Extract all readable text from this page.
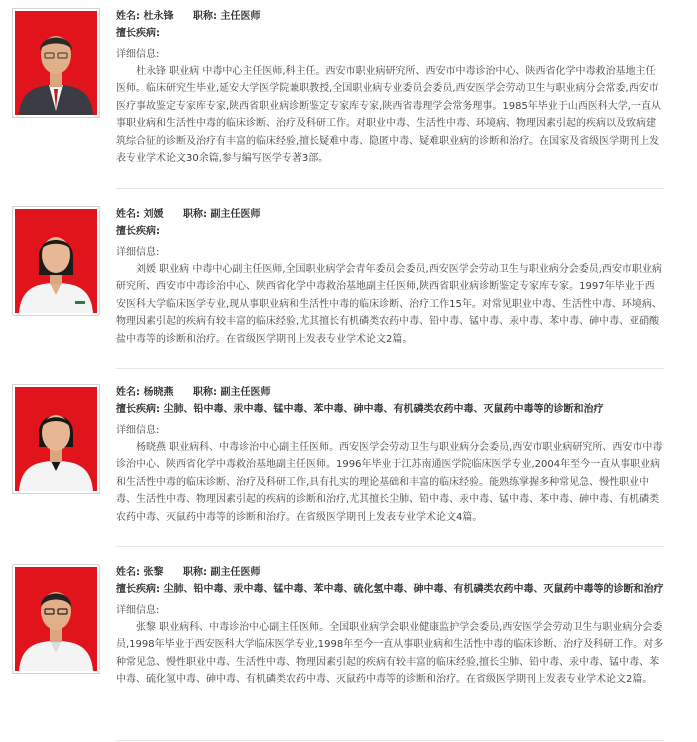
姓名: 杜永锋 职称: 主任医师
擅长疾病:
详细信息:

杜永锋 职业病 中毒中心主任医师,科主任。西安市职业病研究所、西安市中毒诊治中心、陕西省化学中毒救治基地主任医师。临床研究生毕业,延安大学医学院兼职教授,全国职业病专业委员会委员,西安医学会劳动卫生与职业病分会常委,西安市医疗事故鉴定专家库专家,陕西省职业病诊断鉴定专家库专家,陕西省毒理学会常务理事。1985年毕业于山西医科大学,一直从事职业病和生活性中毒的临床诊断、治疗及科研工作。对职业中毒、生活性中毒、环境病、物理因素引起的疾病以及致病建筑综合征的诊断及治疗有丰富的临床经验,擅长疑难中毒、隐匿中毒、疑难职业病的诊断和治疗。在国家及省级医学期刊上发表专业学术论文30余篇,参与编写医学专著3部。

姓名: 刘媛 职称: 副主任医师
擅长疾病:
详细信息:

刘媛 职业病 中毒中心副主任医师,全国职业病学会青年委员会委员,西安医学会劳动卫生与职业病分会委员,西安市职业病研究所、西安市中毒诊治中心、陕西省化学中毒救治基地副主任医师,陕西省职业病诊断鉴定专家库专家。1997年毕业于西安医科大学临床医学专业,现从事职业病和生活性中毒的临床诊断、治疗工作15年。对常见职业中毒、生活性中毒、环境病、物理因素引起的疾病有较丰富的临床经验,尤其擅长有机磷类农药中毒、铅中毒、锰中毒、汞中毒、苯中毒、砷中毒、亚硝酸盐中毒等的诊断和治疗。在省级医学期刊上发表专业学术论文2篇。

姓名: 杨晓燕 职称: 副主任医师
擅长疾病: 尘肺、铅中毒、汞中毒、锰中毒、苯中毒、砷中毒、有机磷类农药中毒、灭鼠药中毒等的诊断和治疗
详细信息:

杨晓燕 职业病科、中毒诊治中心副主任医师。西安医学会劳动卫生与职业病分会委员,西安市职业病研究所、西安市中毒诊治中心、陕西省化学中毒救治基地副主任医师。1996年毕业于江苏南通医学院临床医学专业,2004年至今一直从事职业病和生活性中毒的临床诊断、治疗及科研工作,具有扎实的理论基础和丰富的临床经验。能熟练掌握多种常见急、慢性职业中毒、生活性中毒、物理因素引起的疾病的诊断和治疗,尤其擅长尘肺、铅中毒、汞中毒、锰中毒、苯中毒、砷中毒、有机磷类农药中毒、灭鼠药中毒等的诊断和治疗。在省级医学期刊上发表专业学术论文4篇。

姓名: 张黎 职称: 副主任医师
擅长疾病: 尘肺、铅中毒、汞中毒、锰中毒、苯中毒、硫化氢中毒、砷中毒、有机磷类农药中毒、灭鼠药中毒等的诊断和治疗
详细信息:

张黎 职业病科、中毒诊治中心副主任医师。全国职业病学会职业健康监护学会委员,西安医学会劳动卫生与职业病分会委员,1998年毕业于西安医科大学临床医学专业,1998年至今一直从事职业病和生活性中毒的临床诊断、治疗及科研工作。对多种常见急、慢性职业中毒、生活性中毒、物理因素引起的疾病有较丰富的临床经验,擅长尘肺、铅中毒、汞中毒、锰中毒、苯中毒、硫化氢中毒、砷中毒、有机磷类农药中毒、灭鼠药中毒等的诊断和治疗。在省级医学期刊上发表专业学术论文2篇。
